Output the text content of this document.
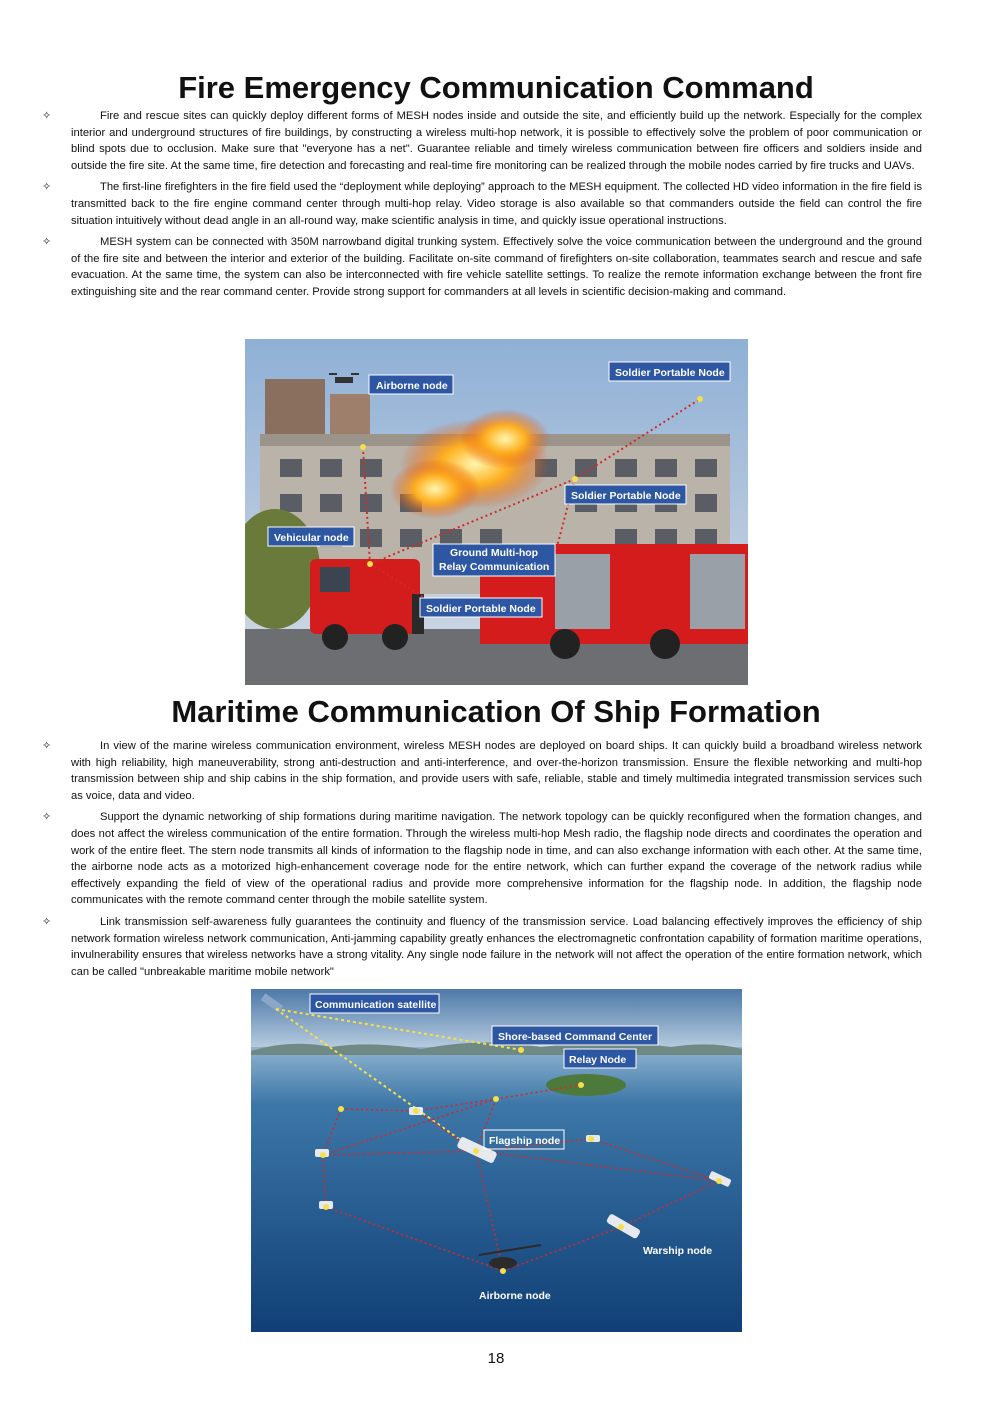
Fire Emergency Communication Command

✧	Fire and rescue sites can quickly deploy different forms of MESH nodes inside and outside the site, and efficiently build up the network. Especially for the complex interior and underground structures of fire buildings, by constructing a wireless multi-hop network, it is possible to effectively solve the problem of poor communication or blind spots due to occlusion. Make sure that "everyone has a net". Guarantee reliable and timely wireless communication between fire officers and soldiers inside and outside the fire site. At the same time, fire detection and forecasting and real-time fire monitoring can be realized through the mobile nodes carried by fire trucks and UAVs.

✧	The first-line firefighters in the fire field used the “deployment while deploying” approach to the MESH equipment. The collected HD video information in the fire field is transmitted back to the fire engine command center through multi-hop relay. Video storage is also available so that commanders outside the field can control the fire situation intuitively without dead angle in an all-round way, make scientific analysis in time, and quickly issue operational instructions.

✧	MESH system can be connected with 350M narrowband digital trunking system. Effectively solve the voice communication between the underground and the ground of the fire site and between the interior and exterior of the building. Facilitate on-site command of firefighters on-site collaboration, teammates search and rescue and safe evacuation. At the same time, the system can also be interconnected with fire vehicle satellite settings. To realize the remote information exchange between the front fire extinguishing site and the rear command center. Provide strong support for commanders at all levels in scientific decision-making and command.

Airborne node
Soldier Portable Node
Soldier Portable Node
Vehicular node
Ground Multi-hop
Relay Communication
Soldier Portable Node
Maritime Communication Of Ship Formation

✧	In view of the marine wireless communication environment, wireless MESH nodes are deployed on board ships. It can quickly build a broadband wireless network with high reliability, high maneuverability, strong anti-destruction and anti-interference, and over-the-horizon transmission. Ensure the flexible networking and multi-hop transmission between ship and ship cabins in the ship formation, and provide users with safe, reliable, stable and timely multimedia integrated transmission services such as voice, data and video.

✧	Support the dynamic networking of ship formations during maritime navigation. The network topology can be quickly reconfigured when the formation changes, and does not affect the wireless communication of the entire formation. Through the wireless multi-hop Mesh radio, the flagship node directs and coordinates the operation and work of the entire fleet. The stern node transmits all kinds of information to the flagship node in time, and can also exchange information with each other. At the same time, the airborne node acts as a motorized high-enhancement coverage node for the entire network, which can further expand the coverage of the network radius while effectively expanding the field of view of the operational radius and provide more comprehensive information for the flagship node. In addition, the flagship node communicates with the remote command center through the mobile satellite system.

✧	Link transmission self-awareness fully guarantees the continuity and fluency of the transmission service. Load balancing effectively improves the efficiency of ship network formation wireless network communication, Anti-jamming capability greatly enhances the electromagnetic confrontation capability of formation maritime operations, invulnerability ensures that wireless networks have a strong vitality. Any single node failure in the network will not affect the operation of the entire formation network, which can be called "unbreakable maritime mobile network"

Communication satellite
Shore-based Command Center
Relay Node
Flagship node
Warship node
Airborne node
18
